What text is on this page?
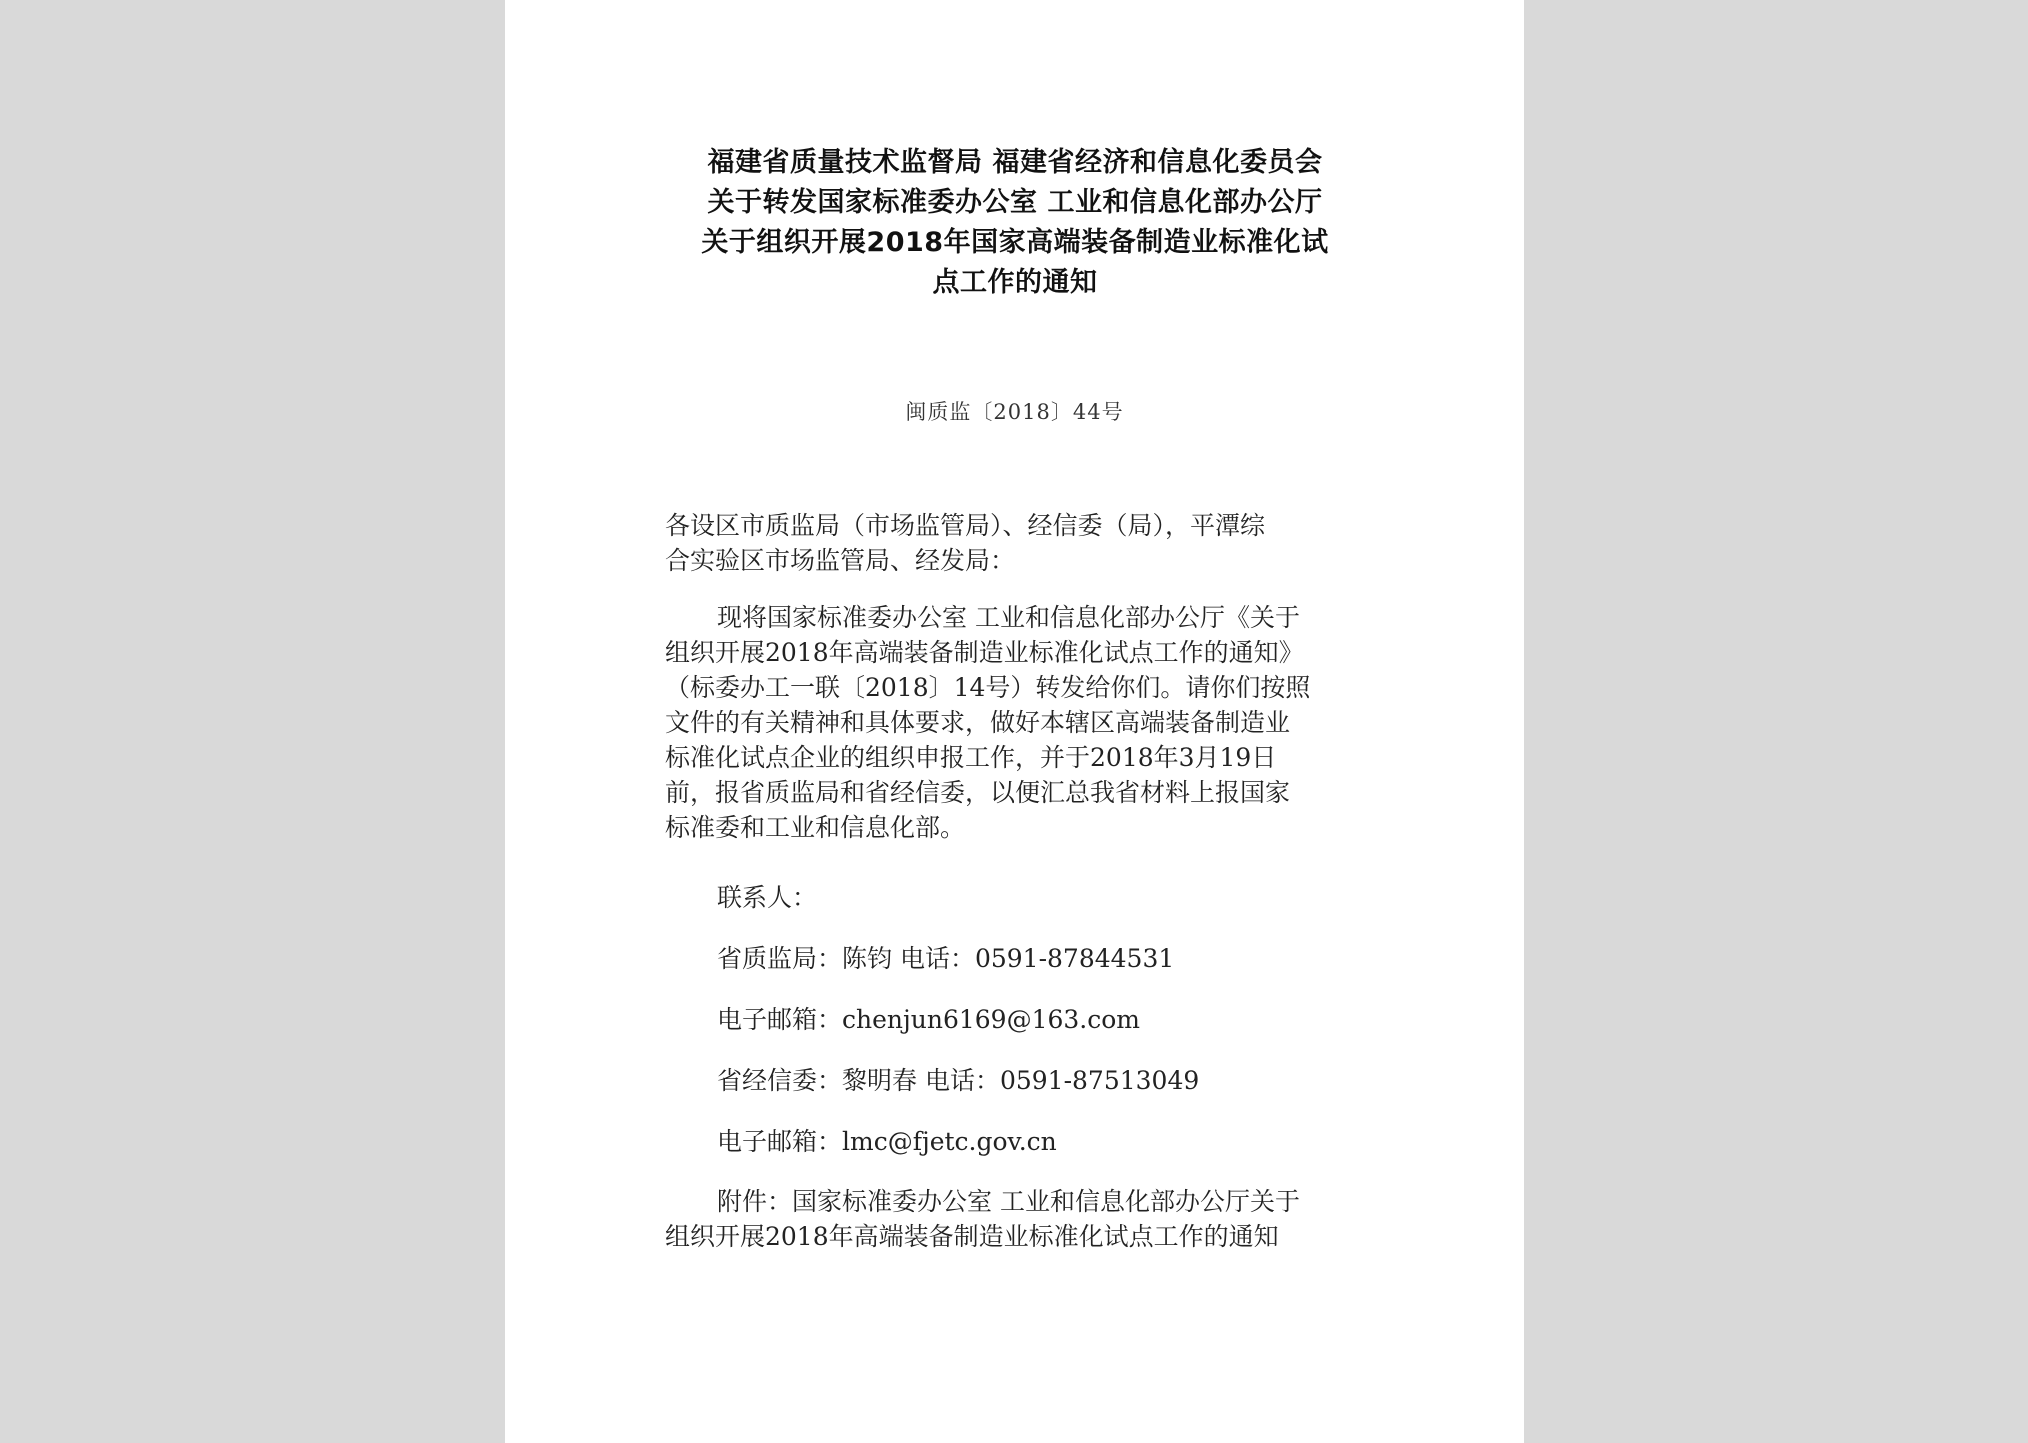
福建省质量技术监督局 福建省经济和信息化委员会
关于转发国家标准委办公室 工业和信息化部办公厅
关于组织开展2018年国家高端装备制造业标准化试
点工作的通知
闽质监〔2018〕44号
各设区市质监局（市场监管局）、经信委（局），平潭综
合实验区市场监管局、经发局：
现将国家标准委办公室 工业和信息化部办公厅《关于
组织开展2018年高端装备制造业标准化试点工作的通知》
（标委办工一联〔2018〕14号）转发给你们。请你们按照
文件的有关精神和具体要求，做好本辖区高端装备制造业
标准化试点企业的组织申报工作，并于2018年3月19日
前，报省质监局和省经信委，以便汇总我省材料上报国家
标准委和工业和信息化部。
联系人：
省质监局：陈钧 电话：0591-87844531
电子邮箱：chenjun6169@163.com
省经信委：黎明春 电话：0591-87513049
电子邮箱：lmc@fjetc.gov.cn
附件：国家标准委办公室 工业和信息化部办公厅关于
组织开展2018年高端装备制造业标准化试点工作的通知
